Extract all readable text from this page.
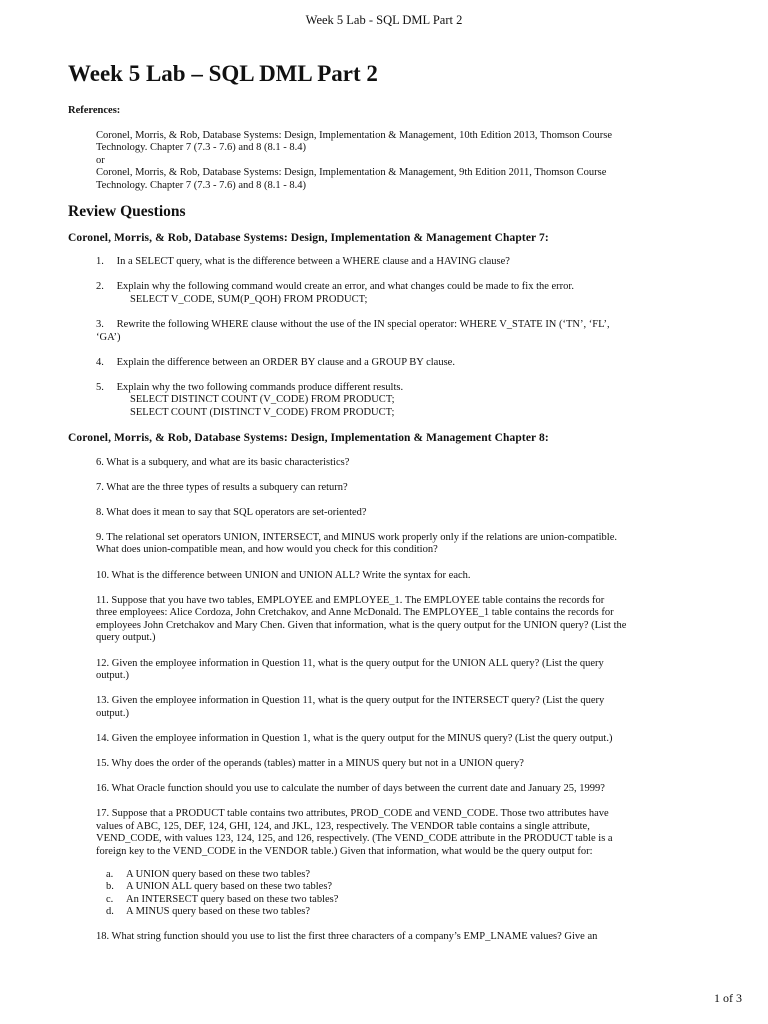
Week 5 Lab - SQL DML Part 2
Week 5 Lab – SQL DML Part 2
References:
Coronel, Morris, & Rob, Database Systems: Design, Implementation & Management, 10th Edition 2013, Thomson Course
Technology. Chapter 7 (7.3 - 7.6) and 8 (8.1 - 8.4)
or
Coronel, Morris, & Rob, Database Systems: Design, Implementation & Management, 9th Edition 2011, Thomson Course
Technology. Chapter 7 (7.3 - 7.6) and 8 (8.1 - 8.4)
Review Questions
Coronel, Morris, & Rob, Database Systems: Design, Implementation & Management Chapter 7:
1. In a SELECT query, what is the difference between a WHERE clause and a HAVING clause?
2. Explain why the following command would create an error, and what changes could be made to fix the error.
SELECT V_CODE, SUM(P_QOH) FROM PRODUCT;
3. Rewrite the following WHERE clause without the use of the IN special operator: WHERE V_STATE IN (‘TN’, ‘FL’,
‘GA’)
4. Explain the difference between an ORDER BY clause and a GROUP BY clause.
5. Explain why the two following commands produce different results.
SELECT DISTINCT COUNT (V_CODE) FROM PRODUCT;
SELECT COUNT (DISTINCT V_CODE) FROM PRODUCT;
Coronel, Morris, & Rob, Database Systems: Design, Implementation & Management Chapter 8:
6. What is a subquery, and what are its basic characteristics?
7. What are the three types of results a subquery can return?
8. What does it mean to say that SQL operators are set-oriented?
9. The relational set operators UNION, INTERSECT, and MINUS work properly only if the relations are union-compatible.
What does union-compatible mean, and how would you check for this condition?
10. What is the difference between UNION and UNION ALL? Write the syntax for each.
11. Suppose that you have two tables, EMPLOYEE and EMPLOYEE_1. The EMPLOYEE table contains the records for
three employees: Alice Cordoza, John Cretchakov, and Anne McDonald. The EMPLOYEE_1 table contains the records for
employees John Cretchakov and Mary Chen. Given that information, what is the query output for the UNION query? (List the
query output.)
12. Given the employee information in Question 11, what is the query output for the UNION ALL query? (List the query
output.)
13. Given the employee information in Question 11, what is the query output for the INTERSECT query? (List the query
output.)
14. Given the employee information in Question 1, what is the query output for the MINUS query? (List the query output.)
15. Why does the order of the operands (tables) matter in a MINUS query but not in a UNION query?
16. What Oracle function should you use to calculate the number of days between the current date and January 25, 1999?
17. Suppose that a PRODUCT table contains two attributes, PROD_CODE and VEND_CODE. Those two attributes have
values of ABC, 125, DEF, 124, GHI, 124, and JKL, 123, respectively. The VENDOR table contains a single attribute,
VEND_CODE, with values 123, 124, 125, and 126, respectively. (The VEND_CODE attribute in the PRODUCT table is a
foreign key to the VEND_CODE in the VENDOR table.) Given that information, what would be the query output for:
a.	A UNION query based on these two tables?
b.	A UNION ALL query based on these two tables?
c.	An INTERSECT query based on these two tables?
d.	A MINUS query based on these two tables?
18. What string function should you use to list the first three characters of a company’s EMP_LNAME values? Give an
1 of 3
